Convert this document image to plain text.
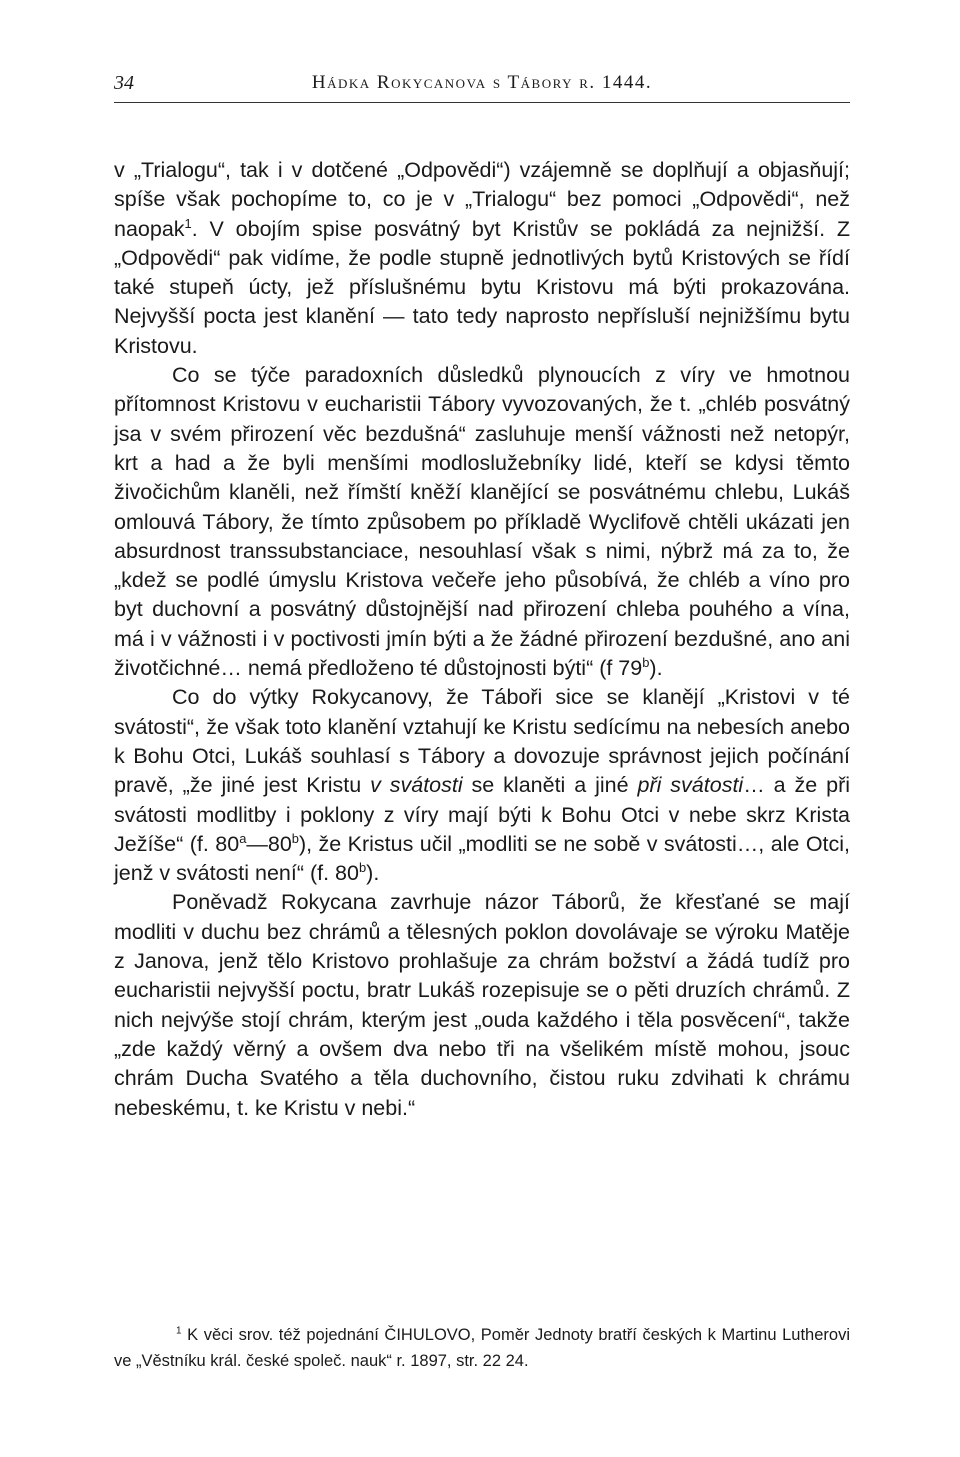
34	Hádka Rokycanova s Tábory r. 1444.

v „Trialogu“, tak i v dotčené „Odpovědi“) vzájemně se doplňují a objasňují; spíše však pochopíme to, co je v „Trialogu“ bez pomoci „Odpovědi“, než naopak$^1$. V obojím spise posvátný byt Kristův se pokládá za nejnižší. Z „Odpovědi“ pak vidíme, že podle stupně jednotlivých bytů Kristových se řídí také stupeň úcty, jež příslušnému bytu Kristovu má býti prokazována. Nejvyšší pocta jest klanění — tato tedy naprosto nepřísluší nejnižšímu bytu Kristovu.

Co se týče paradoxních důsledků plynoucích z víry ve hmotnou přítomnost Kristovu v eucharistii Tábory vyvozovaných, že t. „chléb posvátný jsa v svém přirození věc bezdušná“ zasluhuje menší vážnosti než netopýr, krt a had a že byli menšími modloslužebníky lidé, kteří se kdysi těmto živočichům klaněli, než římští kněží klanějící se posvátnému chlebu, Lukáš omlouvá Tábory, že tímto způsobem po příkladě Wyclifově chtěli ukázati jen absurdnost transsubstanciace, nesouhlasí však s nimi, nýbrž má za to, že „kdež se podlé úmyslu Kristova večeře jeho působívá, že chléb a víno pro byt duchovní a posvátný důstojnější nad přirození chleba pouhého a vína, má i v vážnosti i v poctivosti jmín býti a že žádné přirození bezdušné, ano ani životčichné… nemá předloženo té důstojnosti býti“ (f 79$^b$).

Co do výtky Rokycanovy, že Táboři sice se klanějí „Kristovi v té svátosti“, že však toto klanění vztahují ke Kristu sedícímu na nebesích anebo k Bohu Otci, Lukáš souhlasí s Tábory a dovozuje správnost jejich počínání pravě, „že jiné jest Kristu v svátosti se klaněti a jiné při svátosti… a že při svátosti modlitby i poklony z víry mají býti k Bohu Otci v nebe skrz Krista Ježíše“ (f. 80$^a$—80$^b$), že Kristus učil „modliti se ne sobě v svátosti…, ale Otci, jenž v svátosti není“ (f. 80$^b$).

Poněvadž Rokycana zavrhuje názor Táborů, že křesťané se mají modliti v duchu bez chrámů a tělesných poklon dovolávaje se výroku Matěje z Janova, jenž tělo Kristovo prohlašuje za chrám božství a žádá tudíž pro eucharistii nejvyšší poctu, bratr Lukáš rozepisuje se o pěti druzích chrámů. Z nich nejvýše stojí chrám, kterým jest „ouda každého i těla posvěcení“, takže „zde každý věrný a ovšem dva nebo tři na všelikém místě mohou, jsouc chrám Ducha Svatého a těla duchovního, čistou ruku zdvihati k chrámu nebeskému, t. ke Kristu v nebi.“

$^1$ K věci srov. též pojednání ČIHULOVO, Poměr Jednoty bratří českých k Martinu Lutherovi ve „Věstníku král. české společ. nauk“ r. 1897, str. 22 24.
